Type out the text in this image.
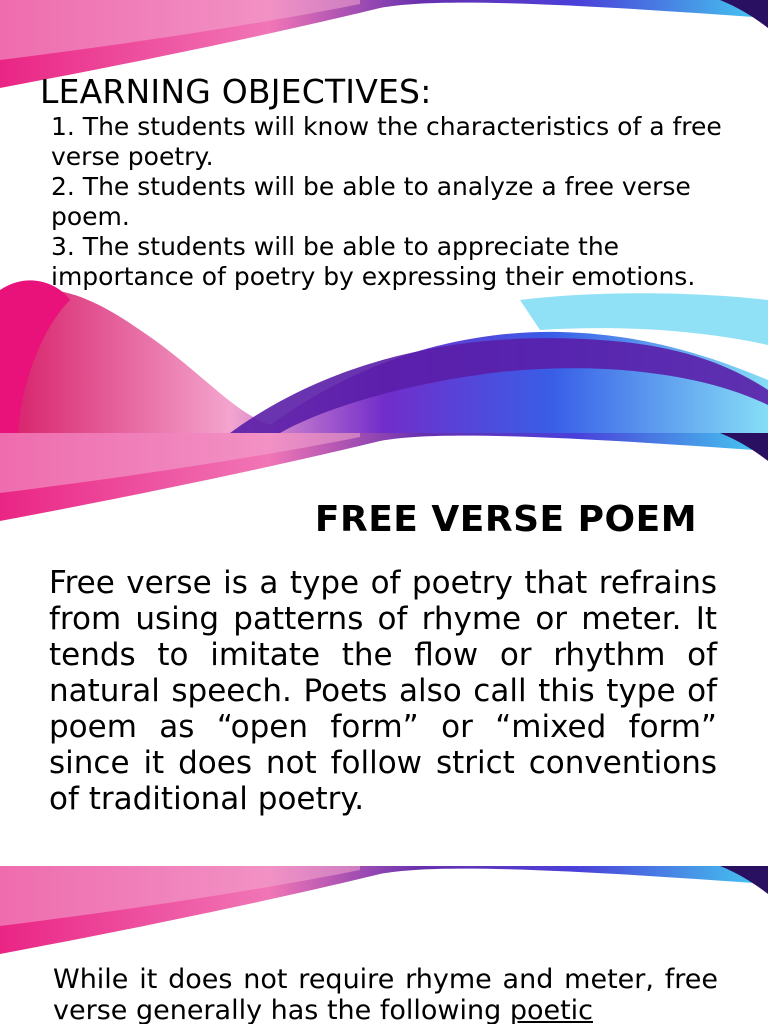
LEARNING OBJECTIVES:
1. The students will know the characteristics of a free verse poetry.
2. The students will be able to analyze a free verse poem.
3. The students will be able to appreciate the importance of poetry by expressing their emotions.
FREE VERSE POEM

Free verse is a type of poetry that refrains from using patterns of rhyme or meter. It tends to imitate the flow or rhythm of natural speech. Poets also call this type of poem as “open form” or “mixed form” since it does not follow strict conventions of traditional poetry.

While it does not require rhyme and meter, free verse generally has the following poetic
